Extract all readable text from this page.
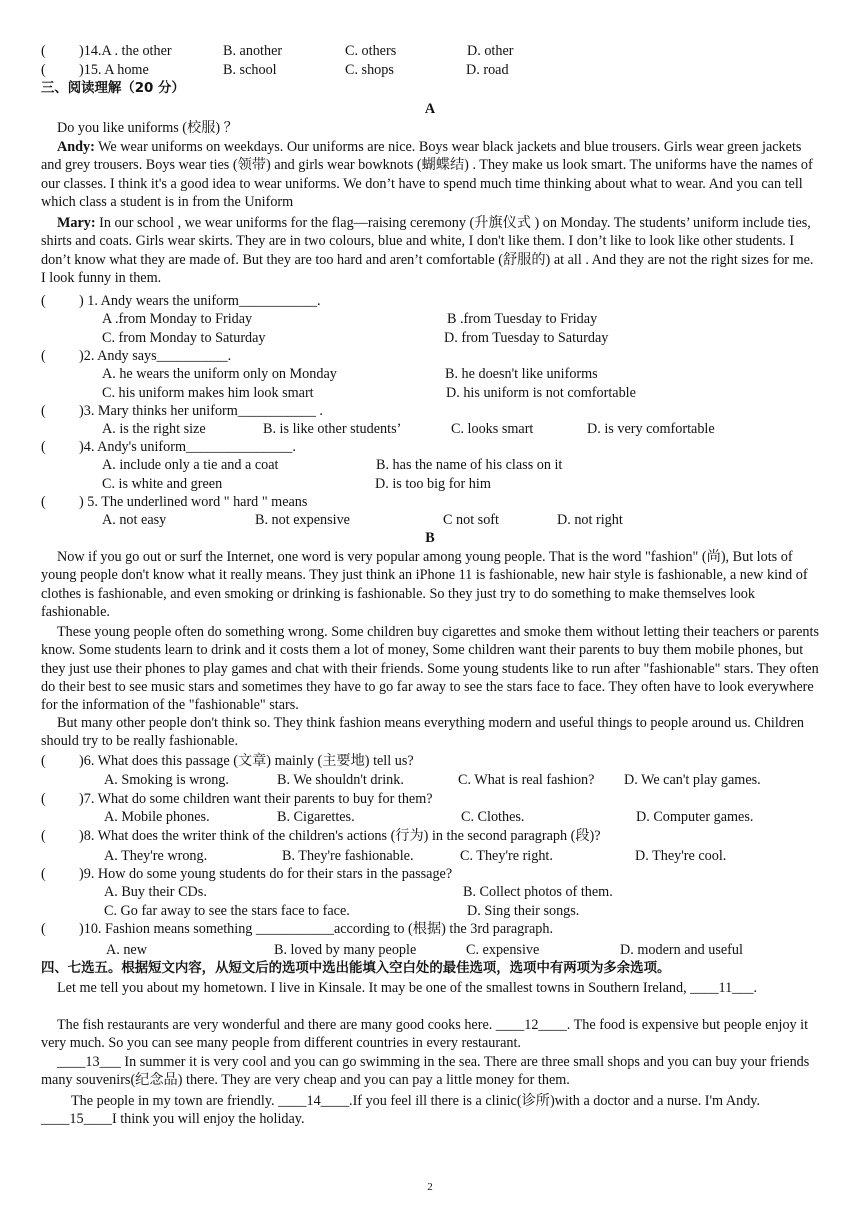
( )14.A . the other	B. another	C. others	D. other
( )15. A home	B. school	C. shops	D. road
三、阅读理解（20 分）
A
Do you like uniforms (校服) ？
Andy: We wear uniforms on weekdays. Our uniforms are nice. Boys wear black jackets and blue trousers. Girls wear green jackets and grey trousers. Boys wear ties (领带) and girls wear bowknots (蝴蝶结) . They make us look smart. The uniforms have the names of our classes. I think it's a good idea to wear uniforms. We don’t have to spend much time thinking about what to wear. And you can tell which class a student is in from the Uniform
Mary: In our school , we wear uniforms for the flag—raising ceremony (升旗仪式 ) on Monday. The students’ uniform include ties, shirts and coats. Girls wear skirts. They are in two colours, blue and white, I don't like them. I don’t like to look like other students. I don’t know what they are made of. But they are too hard and aren’t comfortable (舒服的) at all . And they are not the right sizes for me. I look funny in them.
( ) 1. Andy wears the uniform___________.
A .from Monday to Friday	B .from Tuesday to Friday
C. from Monday to Saturday	D. from Tuesday to Saturday
( )2. Andy says__________.
A. he wears the uniform only on Monday	B. he doesn't like uniforms
C. his uniform makes him look smart	D. his uniform is not comfortable
( )3. Mary thinks her uniform___________ .
A. is the right size	B. is like other students’	C. looks smart	D. is very comfortable
( )4. Andy's uniform_______________.
A. include only a tie and a coat	B. has the name of his class on it
C. is white and green	D. is too big for him
( ) 5. The underlined word " hard " means
A. not easy	B. not expensive	C not soft	D. not right
B
Now if you go out or surf the Internet, one word is very popular among young people. That is the word "fashion" (尚), But lots of young people don't know what it really means. They just think an iPhone 11 is fashionable, new hair style is fashionable, a new kind of clothes is fashionable, and even smoking or drinking is fashionable. So they just try to do something to make themselves look fashionable.
These young people often do something wrong. Some children buy cigarettes and smoke them without letting their teachers or parents know. Some students learn to drink and it costs them a lot of money, Some children want their parents to buy them mobile phones, but they just use their phones to play games and chat with their friends. Some young students like to run after "fashionable" stars. They often do their best to see music stars and sometimes they have to go far away to see the stars face to face. They often have to look everywhere for the information of the "fashionable" stars.
But many other people don't think so. They think fashion means everything modern and useful things to people around us. Children should try to be really fashionable.
( )6. What does this passage (文章) mainly (主要地) tell us?
A. Smoking is wrong.	B. We shouldn't drink.	C. What is real fashion? D. We can't play games.
( )7. What do some children want their parents to buy for them?
A. Mobile phones.	B. Cigarettes.	C. Clothes.	D. Computer games.
( )8. What does the writer think of the children's actions (行为) in the second paragraph (段)?
A. They're wrong.	B. They're fashionable.	C. They're right.	D. They're cool.
( )9. How do some young students do for their stars in the passage?
A. Buy their CDs.	B. Collect photos of them.
C. Go far away to see the stars face to face.	D. Sing their songs.
( )10. Fashion means something ___________according to (根据) the 3rd paragraph.
A. new	B. loved by many people	C. expensive	D. modern and useful
四、七选五。根据短文内容，从短文后的选项中选出能填入空白处的最佳选项，选项中有两项为多余选项。
Let me tell you about my hometown. I live in Kinsale. It may be one of the smallest towns in Southern Ireland, ____11___.
The fish restaurants are very wonderful and there are many good cooks here. ____12____. The food is expensive but people enjoy it very much. So you can see many people from different countries in every restaurant.
____13___ In summer it is very cool and you can go swimming in the sea. There are three small shops and you can buy your friends many souvenirs(纪念品) there. They are very cheap and you can pay a little money for them.
The people in my town are friendly. ____14____.If you feel ill there is a clinic(诊所)with a doctor and a nurse. I'm Andy. ____15____I think you will enjoy the holiday.
2
